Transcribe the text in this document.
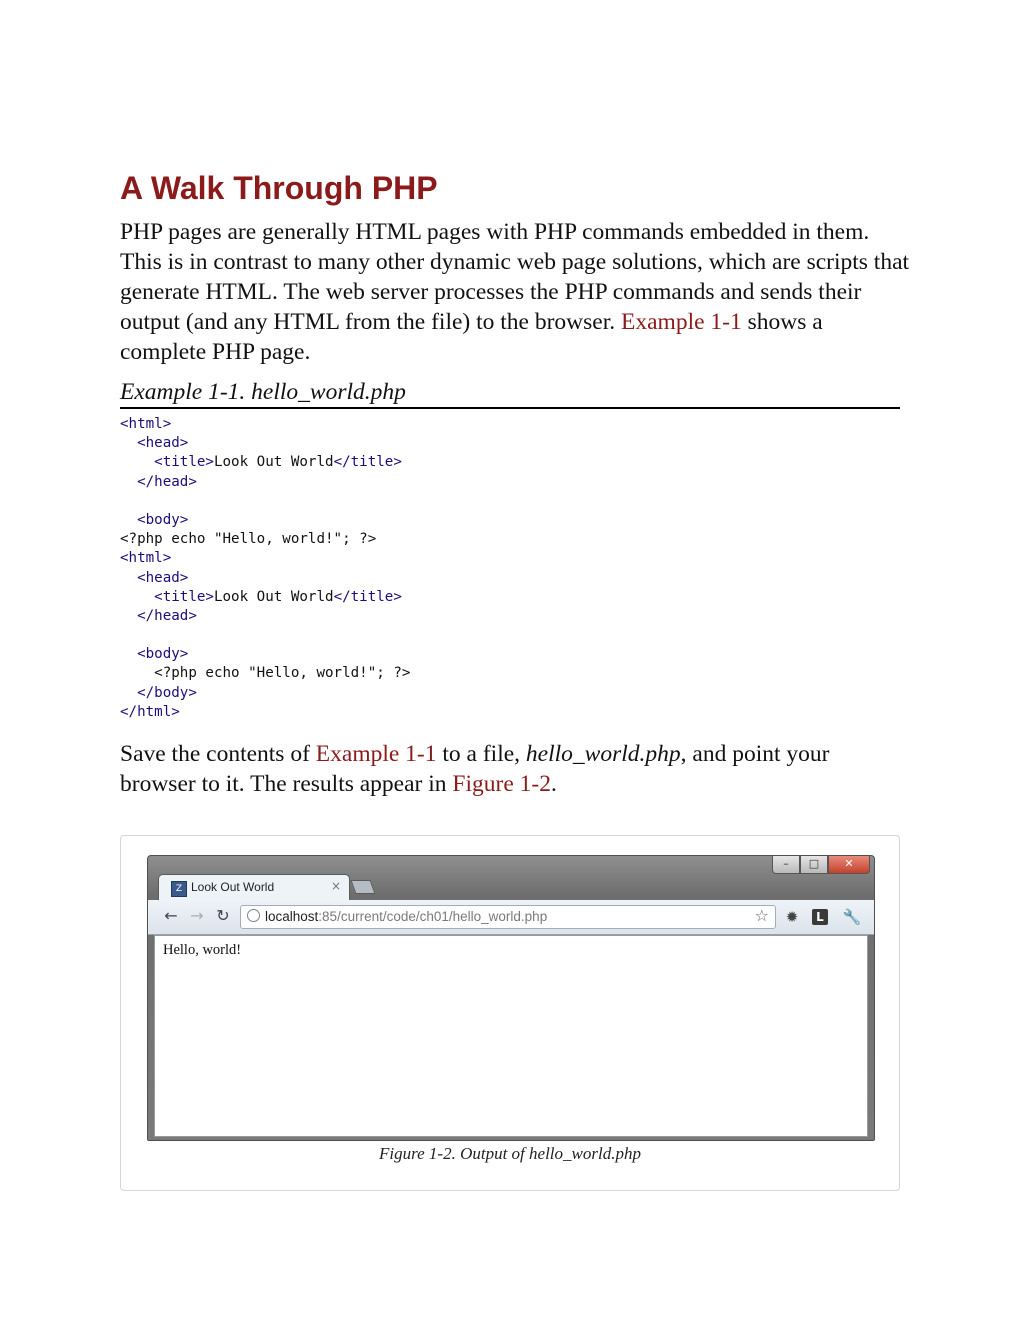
A Walk Through PHP

PHP pages are generally HTML pages with PHP commands embedded in them. This is in contrast to many other dynamic web page solutions, which are scripts that generate HTML. The web server processes the PHP commands and sends their output (and any HTML from the file) to the browser. Example 1-1 shows a complete PHP page.

Example 1-1. hello_world.php
<html>
<head>
<title>Look Out World</title>
</head>
<body>
<?php echo "Hello, world!"; ?>
<html>
<head>
<title>Look Out World</title>
</head>
<body>
<?php echo "Hello, world!"; ?>
</body>
</html>

Save the contents of Example 1-1 to a file, hello_world.php, and point your browser to it. The results appear in Figure 1-2.

–	□	✕
Z Look Out World	×
← → ↻	localhost:85/current/code/ch01/hello_world.php	☆ ✹	L 🔧
Hello, world!
Figure 1-2. Output of hello_world.php
